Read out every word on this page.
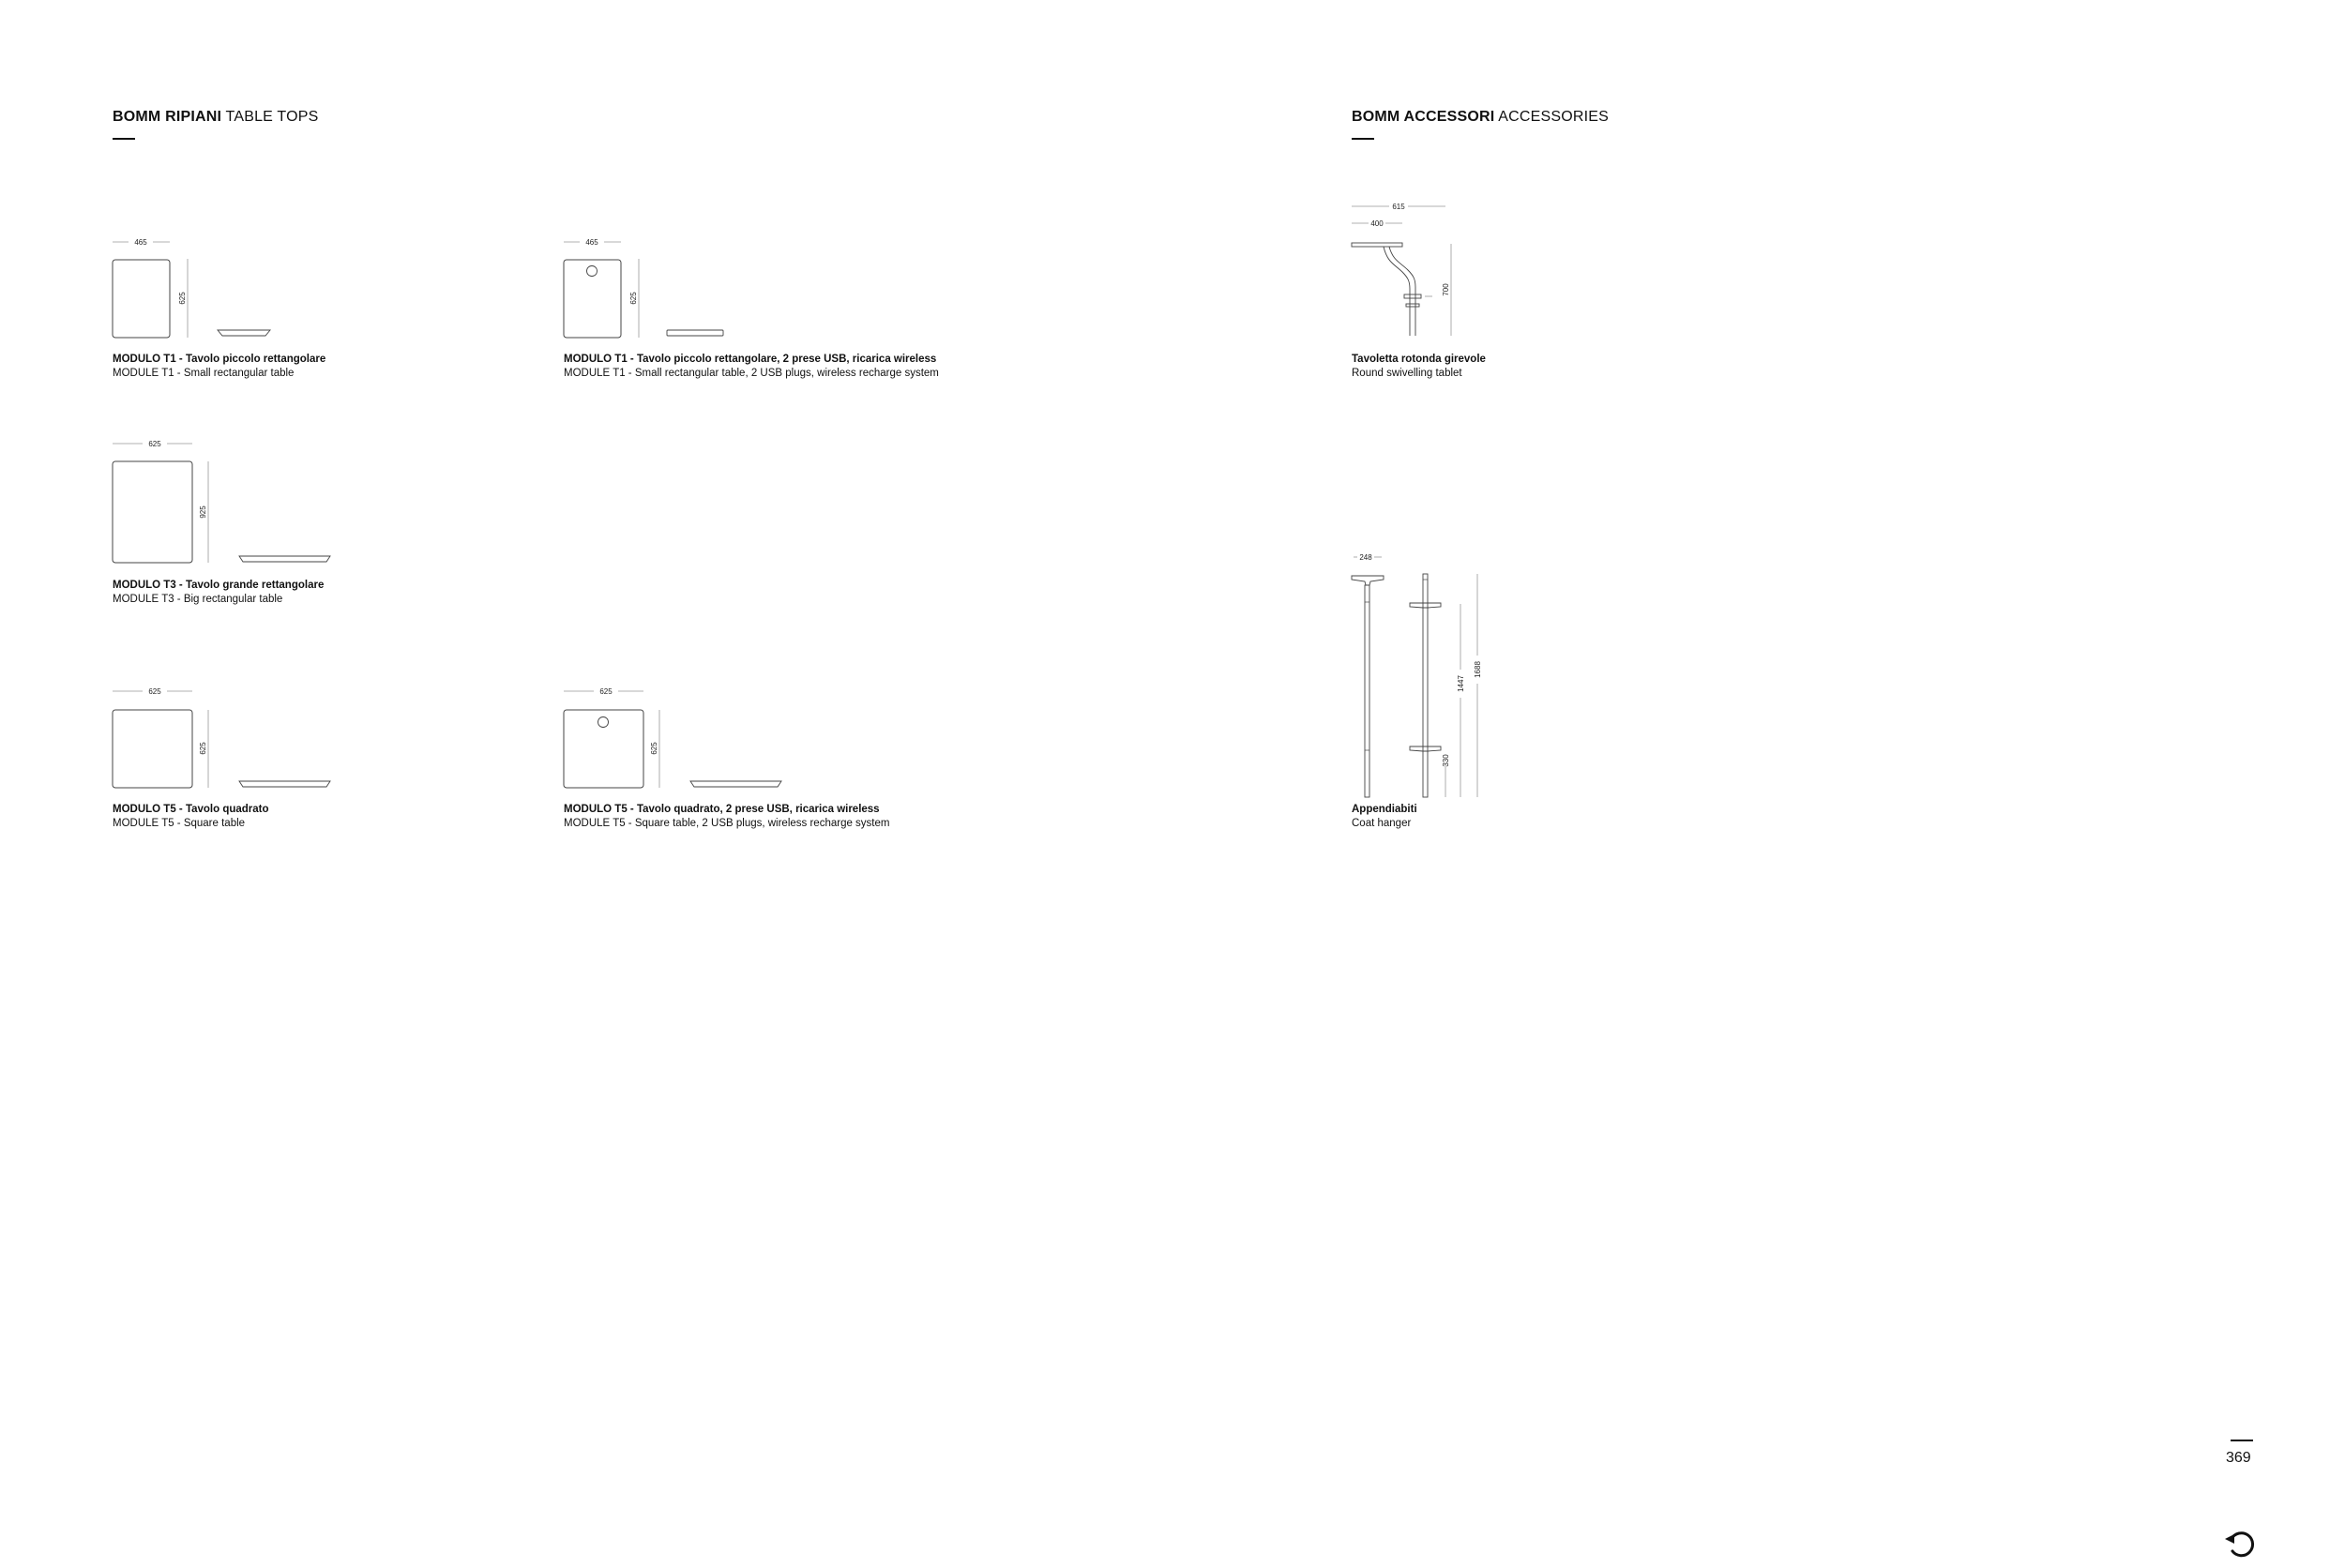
BOMM RIPIANI TABLE TOPS	BOMM ACCESSORI ACCESSORIES
465
625
MODULO T1 - Tavolo piccolo rettangolare
MODULE T1 - Small rectangular table
465
625
MODULO T1 - Tavolo piccolo rettangolare, 2 prese USB, ricarica wireless
MODULE T1 - Small rectangular table, 2 USB plugs, wireless recharge system
625
925
MODULO T3 - Tavolo grande rettangolare
MODULE T3 - Big rectangular table
625
625
MODULO T5 - Tavolo quadrato
MODULE T5 - Square table
625
625
MODULO T5 - Tavolo quadrato, 2 prese USB, ricarica wireless
MODULE T5 - Square table, 2 USB plugs, wireless recharge system
615
400
700
Tavoletta rotonda girevole
Round swivelling tablet
248
330
1447
1688
Appendiabiti
Coat hanger
369
